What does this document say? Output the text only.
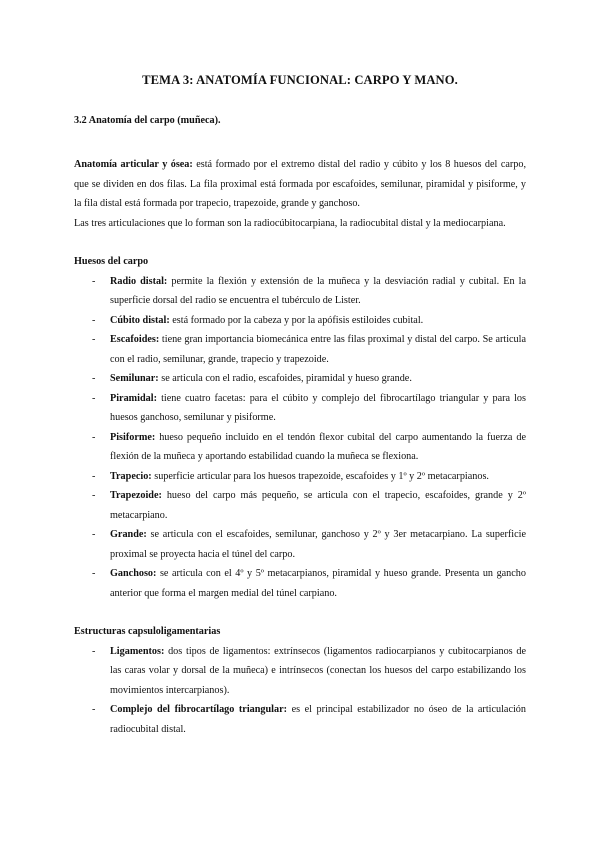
TEMA 3: ANATOMÍA FUNCIONAL: CARPO Y MANO.
3.2 Anatomía del carpo (muñeca).

Anatomía articular y ósea: está formado por el extremo distal del radio y cúbito y los 8 huesos del carpo, que se dividen en dos filas. La fila proximal está formada por escafoides, semilunar, piramidal y pisiforme, y la fila distal está formada por trapecio, trapezoide, grande y ganchoso.

Las tres articulaciones que lo forman son la radiocúbitocarpiana, la radiocubital distal y la mediocarpiana.

Huesos del carpo
- Radio distal: permite la flexión y extensión de la muñeca y la desviación radial y cubital. En la superficie dorsal del radio se encuentra el tubérculo de Lister.
- Cúbito distal: está formado por la cabeza y por la apófisis estiloides cubital.
- Escafoides: tiene gran importancia biomecánica entre las filas proximal y distal del carpo. Se articula con el radio, semilunar, grande, trapecio y trapezoide.
- Semilunar: se articula con el radio, escafoides, piramidal y hueso grande.
- Piramidal: tiene cuatro facetas: para el cúbito y complejo del fibrocartílago triangular y para los huesos ganchoso, semilunar y pisiforme.
- Pisiforme: hueso pequeño incluido en el tendón flexor cubital del carpo aumentando la fuerza de flexión de la muñeca y aportando estabilidad cuando la muñeca se flexiona.
- Trapecio: superficie articular para los huesos trapezoide, escafoides y 1º y 2º metacarpianos.
- Trapezoide: hueso del carpo más pequeño, se articula con el trapecio, escafoides, grande y 2º metacarpiano.
- Grande: se articula con el escafoides, semilunar, ganchoso y 2º y 3er metacarpiano. La superficie proximal se proyecta hacia el túnel del carpo.
- Ganchoso: se articula con el 4º y 5º metacarpianos, piramidal y hueso grande. Presenta un gancho anterior que forma el margen medial del túnel carpiano.
Estructuras capsuloligamentarias
- Ligamentos: dos tipos de ligamentos: extrínsecos (ligamentos radiocarpianos y cubitocarpianos de las caras volar y dorsal de la muñeca) e intrínsecos (conectan los huesos del carpo estabilizando los movimientos intercarpianos).
- Complejo del fibrocartílago triangular: es el principal estabilizador no óseo de la articulación radiocubital distal.
